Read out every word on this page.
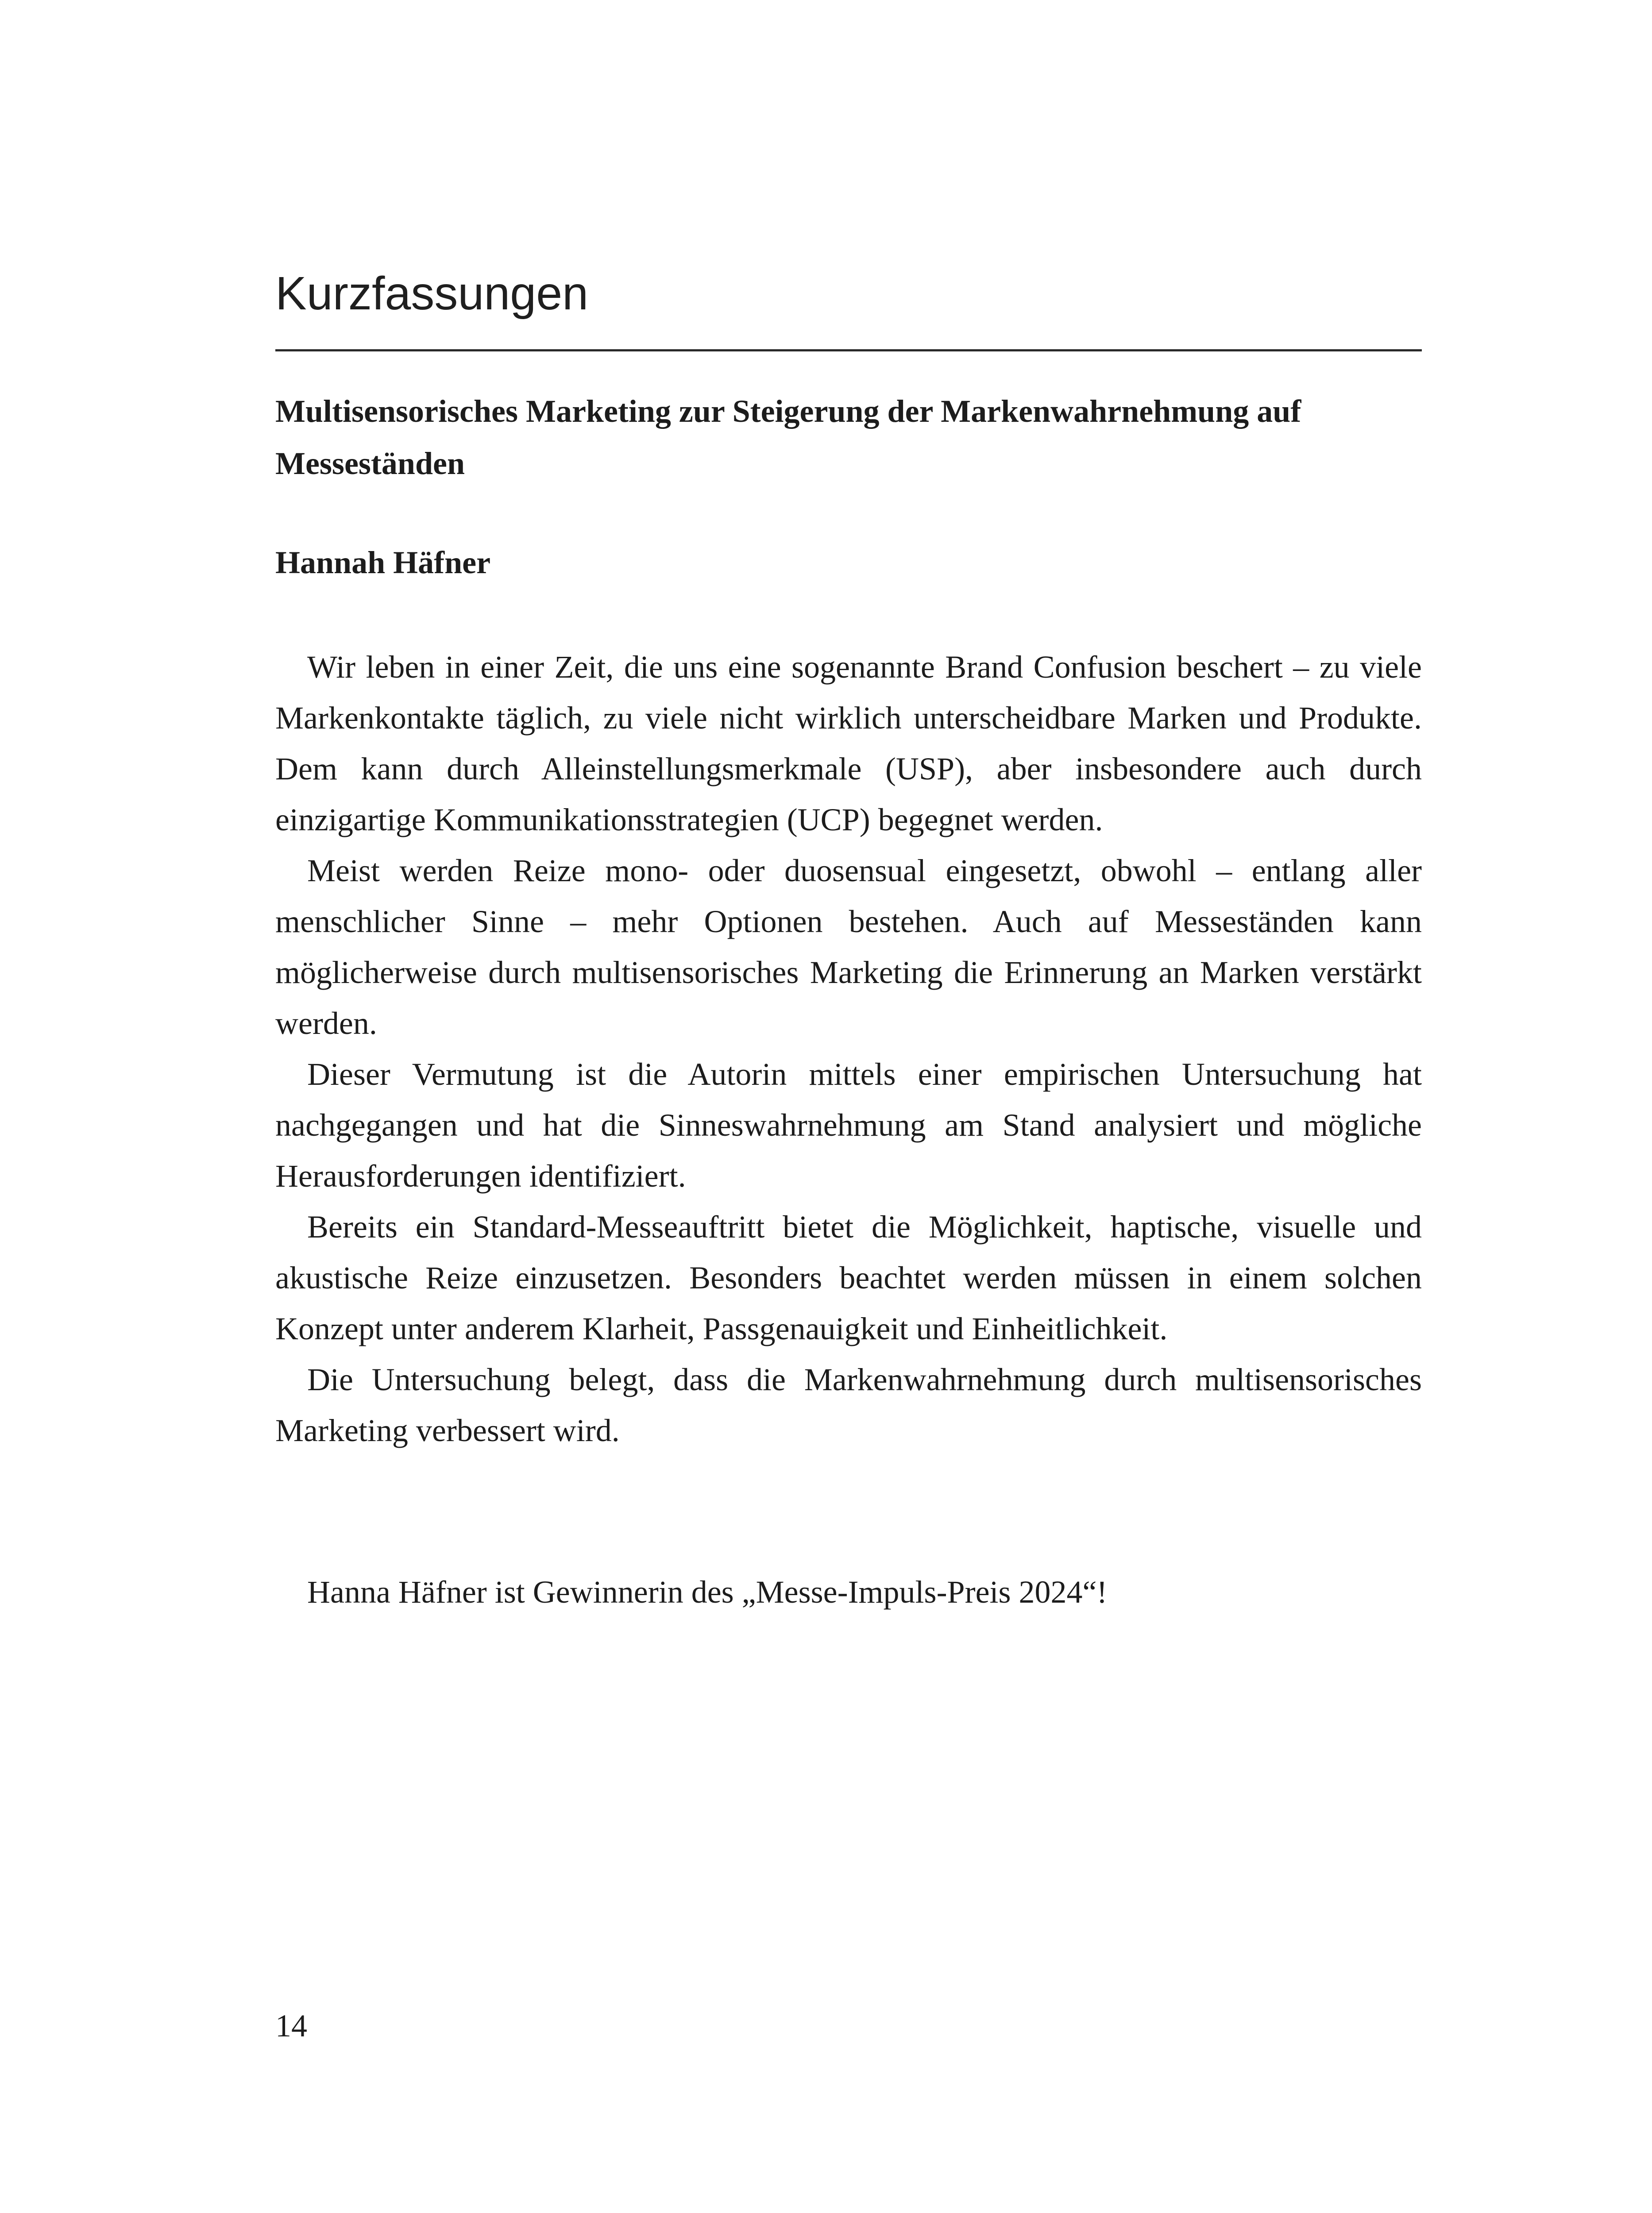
Kurzfassungen
Multisensorisches Marketing zur Steigerung der Markenwahrnehmung auf Messeständen
Hannah Häfner

Wir leben in einer Zeit, die uns eine sogenannte Brand Confusion beschert – zu viele Markenkontakte täglich, zu viele nicht wirklich unterscheidbare Marken und Produkte. Dem kann durch Alleinstellungsmerkmale (USP), aber insbesondere auch durch einzigartige Kommunikationsstrategien (UCP) begegnet werden.

Meist werden Reize mono- oder duosensual eingesetzt, obwohl – entlang aller menschlicher Sinne – mehr Optionen bestehen. Auch auf Messeständen kann möglicherweise durch multisensorisches Marketing die Erinnerung an Marken verstärkt werden.

Dieser Vermutung ist die Autorin mittels einer empirischen Untersuchung hat nachgegangen und hat die Sinneswahrnehmung am Stand analysiert und mögliche Herausforderungen identifiziert.

Bereits ein Standard-Messeauftritt bietet die Möglichkeit, haptische, visuelle und akustische Reize einzusetzen. Besonders beachtet werden müssen in einem solchen Konzept unter anderem Klarheit, Passgenauigkeit und Einheitlichkeit.

Die Untersuchung belegt, dass die Markenwahrnehmung durch multisensorisches Marketing verbessert wird.

Hanna Häfner ist Gewinnerin des „Messe-Impuls-Preis 2024“!

14
